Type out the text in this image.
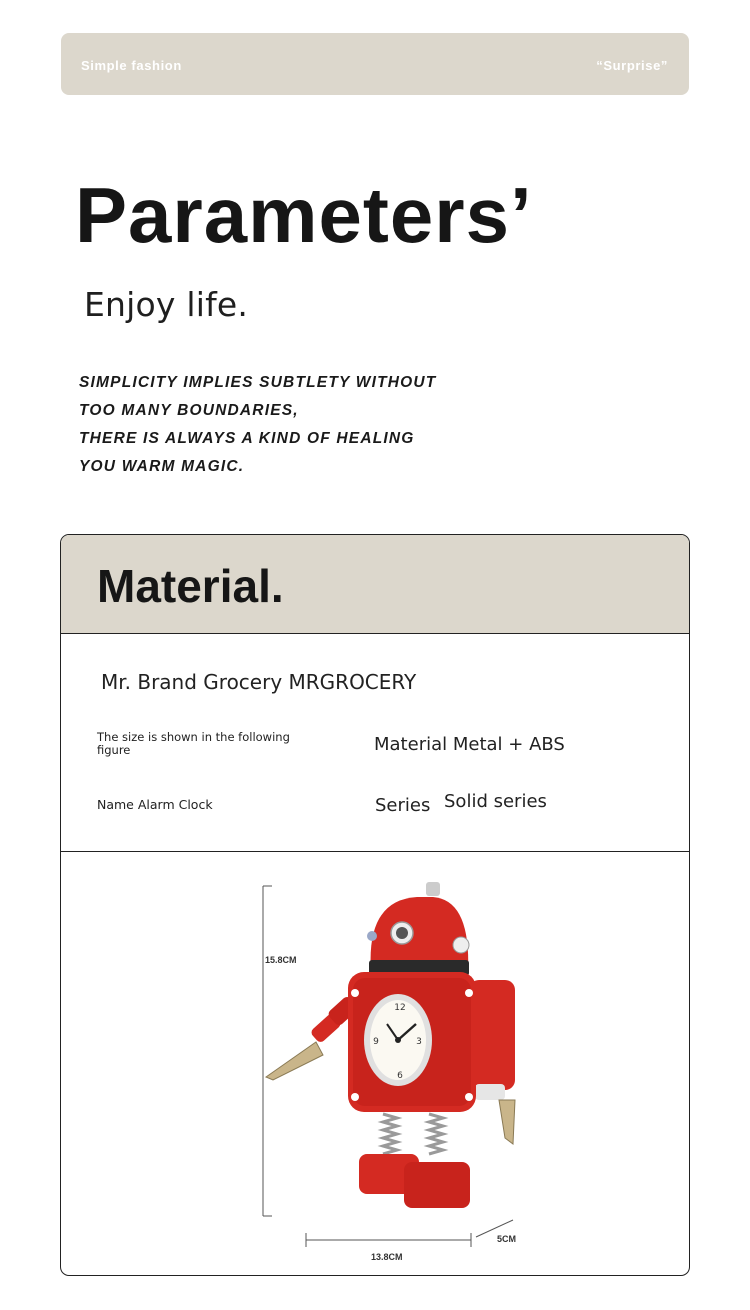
Simple fashion	“Surprise”
Parameters’
Enjoy life.
SIMPLICITY IMPLIES SUBTLETY WITHOUT
TOO MANY BOUNDARIES,
THERE IS ALWAYS A KIND OF HEALING
YOU WARM MAGIC.
Material.
Mr. Brand Grocery MRGROCERY
The size is shown in the following figure	Material Metal + ABS
Name Alarm Clock	Series Solid series
12
3
6
9
15.8CM
13.8CM
5CM
